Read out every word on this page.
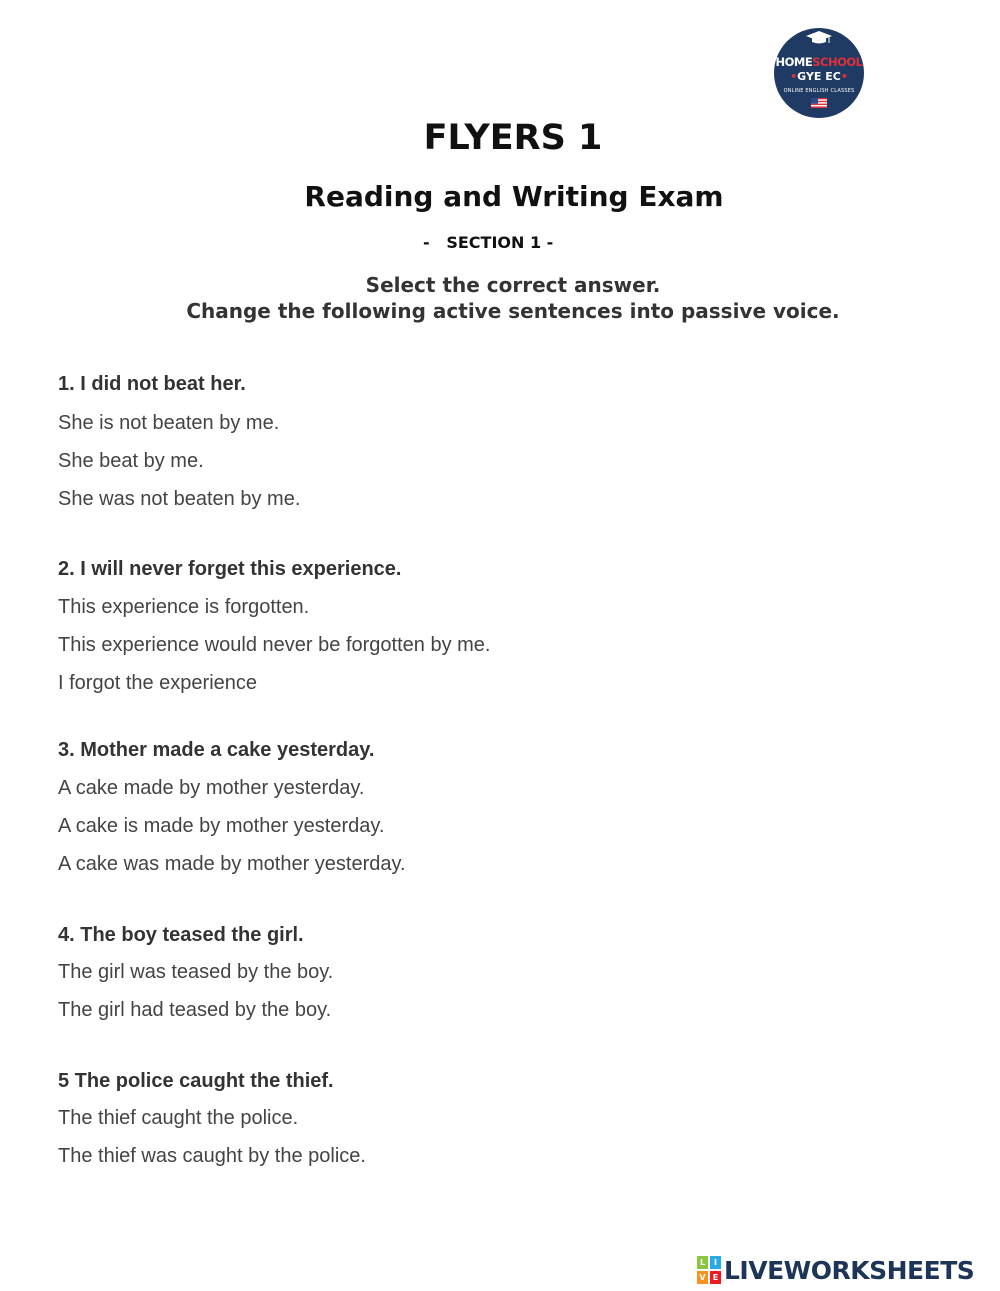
HOMESCHOOL
•GYE EC•
ONLINE ENGLISH CLASSES
FLYERS 1
Reading and Writing Exam
-   SECTION 1 -
Select the correct answer.
Change the following active sentences into passive voice.
1. I did not beat her.
She is not beaten by me.
She beat by me.
She was not beaten by me.
2. I will never forget this experience.
This experience is forgotten.
This experience would never be forgotten by me.
I forgot the experience
3. Mother made a cake yesterday.
A cake made by mother yesterday.
A cake is made by mother yesterday.
A cake was made by mother yesterday.
4. The boy teased the girl.
The girl was teased by the boy.
The girl had teased by the boy.
5 The police caught the thief.
The thief caught the police.
The thief was caught by the police.
L	I
V E LIVEWORKSHEETS
